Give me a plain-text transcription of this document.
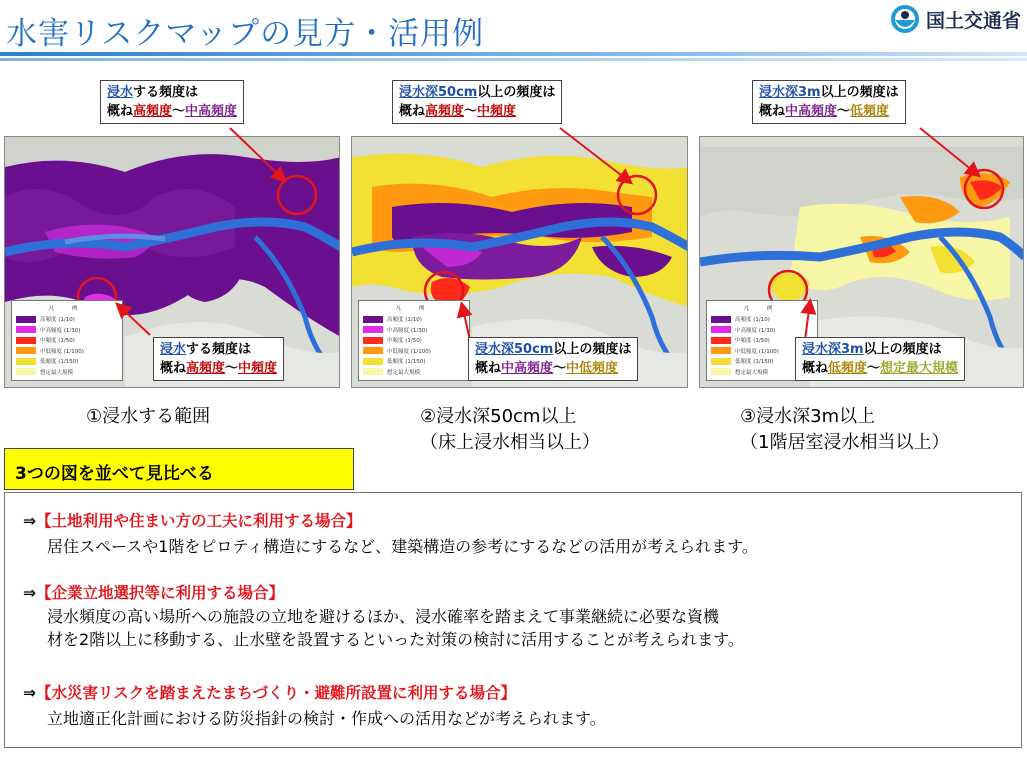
水害リスクマップの見方・活用例	国土交通省
凡 例
高頻度 (1/10)
中高頻度 (1/30)
中頻度 (1/50)
中低頻度 (1/100)
低頻度 (1/150)
想定最大規模
凡 例
高頻度 (1/10)
中高頻度 (1/30)
中頻度 (1/50)
中低頻度 (1/100)
低頻度 (1/150)
想定最大規模
凡 例
高頻度 (1/10)
中高頻度 (1/30)
中頻度 (1/50)
中低頻度 (1/100)
低頻度 (1/150)
想定最大規模
浸水する頻度は
概ね高頻度〜中高頻度
浸水する頻度は
概ね高頻度〜中頻度
浸水深50cm以上の頻度は
概ね高頻度〜中頻度
浸水深50cm以上の頻度は
概ね中高頻度〜中低頻度
浸水深3m以上の頻度は
概ね中高頻度〜低頻度
浸水深3m以上の頻度は
概ね低頻度〜想定最大規模
①浸水する範囲	②浸水深50cm以上
（床上浸水相当以上）
③浸水深3m以上
（1階居室浸水相当以上）
3つの図を並べて見比べる
⇒【土地利用や住まい方の工夫に利用する場合】
居住スペースや1階をピロティ構造にするなど、建築構造の参考にするなどの活用が考えられます。
⇒【企業立地選択等に利用する場合】
浸水頻度の高い場所への施設の立地を避けるほか、浸水確率を踏まえて事業継続に必要な資機
材を2階以上に移動する、止水壁を設置するといった対策の検討に活用することが考えられます。
⇒【水災害リスクを踏まえたまちづくり・避難所設置に利用する場合】
立地適正化計画における防災指針の検討・作成への活用などが考えられます。
